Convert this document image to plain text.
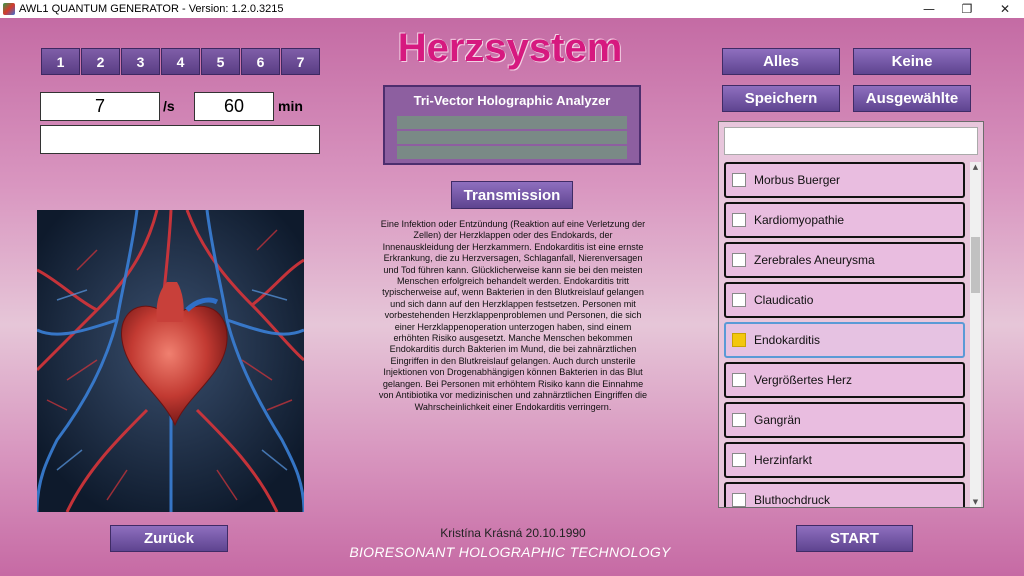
AWL1 QUANTUM GENERATOR - Version: 1.2.0.3215	—	❐	✕
1	2	3	4	5	6	7
7	/s	60	min
Herzsystem
Tri-Vector Holographic Analyzer
Transmission
Eine Infektion oder Entzündung (Reaktion auf eine Verletzung der Zellen) der Herzklappen oder des Endokards, der Innenauskleidung der Herzkammern. Endokarditis ist eine ernste Erkrankung, die zu Herzversagen, Schlaganfall, Nierenversagen und Tod führen kann. Glücklicherweise kann sie bei den meisten Menschen erfolgreich behandelt werden. Endokarditis tritt typischerweise auf, wenn Bakterien in den Blutkreislauf gelangen und sich dann auf den Herzklappen festsetzen. Personen mit vorbestehenden Herzklappenproblemen und Personen, die sich einer Herzklappenoperation unterzogen haben, sind einem erhöhten Risiko ausgesetzt. Manche Menschen bekommen Endokarditis durch Bakterien im Mund, die bei zahnärztlichen Eingriffen in den Blutkreislauf gelangen. Auch durch unsterile Injektionen von Drogenabhängigen können Bakterien in das Blut gelangen. Bei Personen mit erhöhtem Risiko kann die Einnahme von Antibiotika vor medizinischen und zahnärztlichen Eingriffen die Wahrscheinlichkeit einer Endokarditis verringern.
Alles	Keine
Speichern	Ausgewählte
Morbus Buerger
Kardiomyopathie
Zerebrales Aneurysma
Claudicatio
Endokarditis
Vergrößertes Herz
Gangrän
Herzinfarkt
Bluthochdruck
▲
▼
Zurück	START
Kristína Krásná 20.10.1990
BIORESONANT HOLOGRAPHIC TECHNOLOGY
